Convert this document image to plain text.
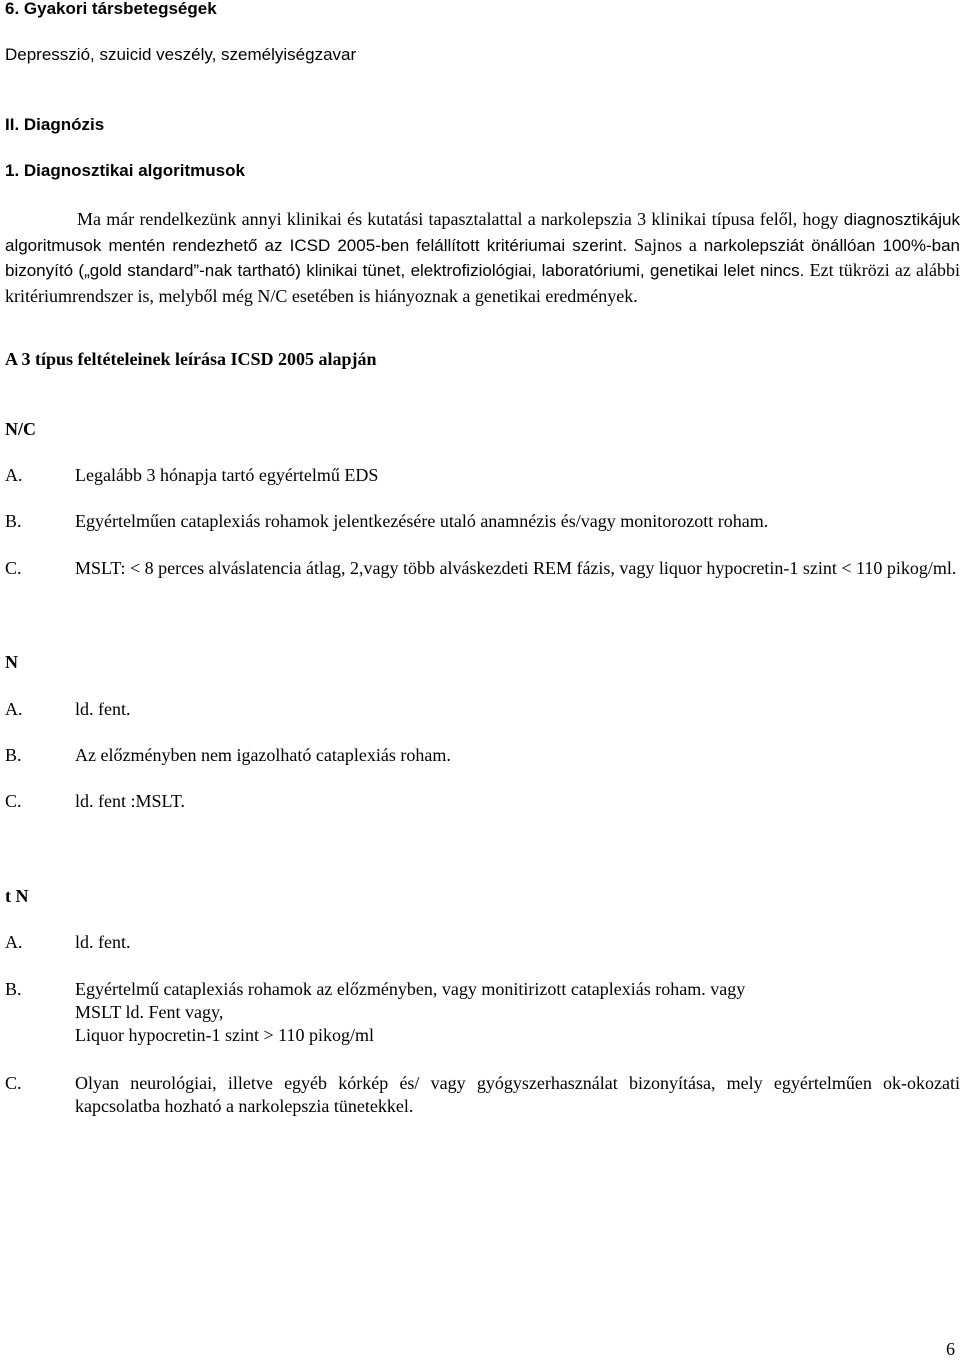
6. Gyakori társbetegségek
Depresszió, szuicid veszély, személyiségzavar
II. Diagnózis
1. Diagnosztikai algoritmusok
Ma már rendelkezünk annyi klinikai és kutatási tapasztalattal a narkolepszia 3 klinikai típusa felől, hogy diagnosztikájuk algoritmusok mentén rendezhető az ICSD 2005-ben felállított kritériumai szerint. Sajnos a narkolepsziát önállóan 100%-ban bizonyító („gold standard”-nak tartható) klinikai tünet, elektrofiziológiai, laboratóriumi, genetikai lelet nincs. Ezt tükrözi az alábbi kritériumrendszer is, melyből még N/C esetében is hiányoznak a genetikai eredmények.
A 3 típus feltételeinek leírása ICSD 2005 alapján
N/C
A.	Legalább 3 hónapja tartó egyértelmű EDS
B.	Egyértelműen cataplexiás rohamok jelentkezésére utaló anamnézis és/vagy monitorozott roham.
C.	MSLT: < 8 perces alváslatencia átlag, 2,vagy több alváskezdeti REM fázis, vagy liquor hypocretin-1 szint < 110 pikog/ml.
N
A.	ld. fent.
B.	Az előzményben nem igazolható cataplexiás roham.
C.	ld. fent :MSLT.
t N
A.	ld. fent.
B.	Egyértelmű cataplexiás rohamok az előzményben, vagy monitirizott cataplexiás roham. vagy
MSLT ld. Fent vagy,
Liquor hypocretin-1 szint > 110 pikog/ml
C.	Olyan neurológiai, illetve egyéb kórkép és/ vagy gyógyszerhasználat bizonyítása, mely egyértelműen ok-okozati kapcsolatba hozható a narkolepszia tünetekkel.
6
